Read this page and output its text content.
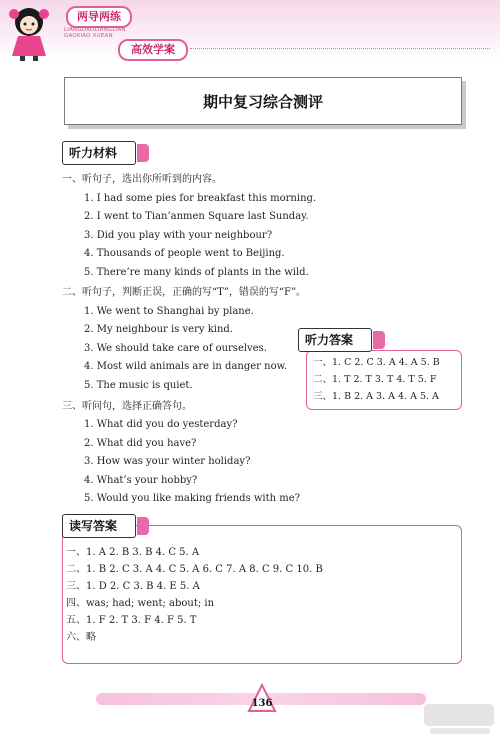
两导两练
LIANGDAOLIANGLIAN
GAOXIAO XUEAN
高效学案
期中复习综合测评
听力材料
一、听句子，选出你所听到的内容。
1. I had some pies for breakfast this morning.
2. I went to Tian’anmen Square last Sunday.
3. Did you play with your neighbour?
4. Thousands of people went to Beijing.
5. There’re many kinds of plants in the wild.
二、听句子，判断正误，正确的写“T”，错误的写“F”。
1. We went to Shanghai by plane.
2. My neighbour is very kind.
3. We should take care of ourselves.
4. Most wild animals are in danger now.
5. The music is quiet.
三、听问句，选择正确答句。
1. What did you do yesterday?
2. What did you have?
3. How was your winter holiday?
4. What’s your hobby?
5. Would you like making friends with me?
听力答案
一、1. C 2. C 3. A 4. A 5. B
二、1. T 2. T 3. T 4. T 5. F
三、1. B 2. A 3. A 4. A 5. A
读写答案
一、1. A 2. B 3. B 4. C 5. A
二、1. B 2. C 3. A 4. C 5. A 6. C 7. A 8. C 9. C 10. B
三、1. D 2. C 3. B 4. E 5. A
四、was; had; went; about; in
五、1. F 2. T 3. F 4. F 5. T
六、略
136
